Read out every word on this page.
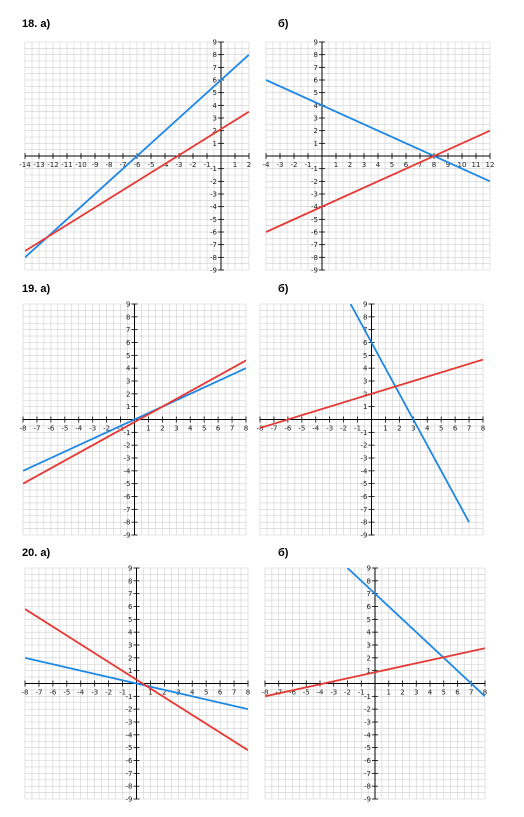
18. а)	б)
19. а)	б)
20. а)	б)
-14 -13 -12 -11 -10 -9 -8 -7 -6 -5 -4 -3 -2 -1	1 2
-9
-8
-7
-6
-5
-4
-3
-2
-1
1
2
3
4
5
6
7
8
9
-4 -3 -2 -1	1 2 3 4 5 6 7 8 9 10 11 12
-9
-8
-7
-6
-5
-4
-3
-2
-1
1
2
3
4
5
6
7
8
9
-8 -7 -6 -5 -4 -3 -2 -1	1 2 3 4 5 6 7 8
-9
-8
-7
-6
-5
-4
-3
-2
-1
1
2
3
4
5
6
7
8
9
-8 -7 -6 -5 -4 -3 -2 -1	1 2 3 4 5 6 7 8
-9
-8
-7
-6
-5
-4
-3
-2
-1
1
2
3
4
5
6
7
8
9
-8 -7 -6 -5 -4 -3 -2 -1	1 2 3 4 5 6 7 8
-9
-8
-7
-6
-5
-4
-3
-2
-1
1
2
3
4
5
6
7
8
9
-8 -7 -6 -5 -4 -3 -2 -1	1 2 3 4 5 6 7 8
-9
-8
-7
-6
-5
-4
-3
-2
-1
1
2
3
4
5
6
7
8
9
